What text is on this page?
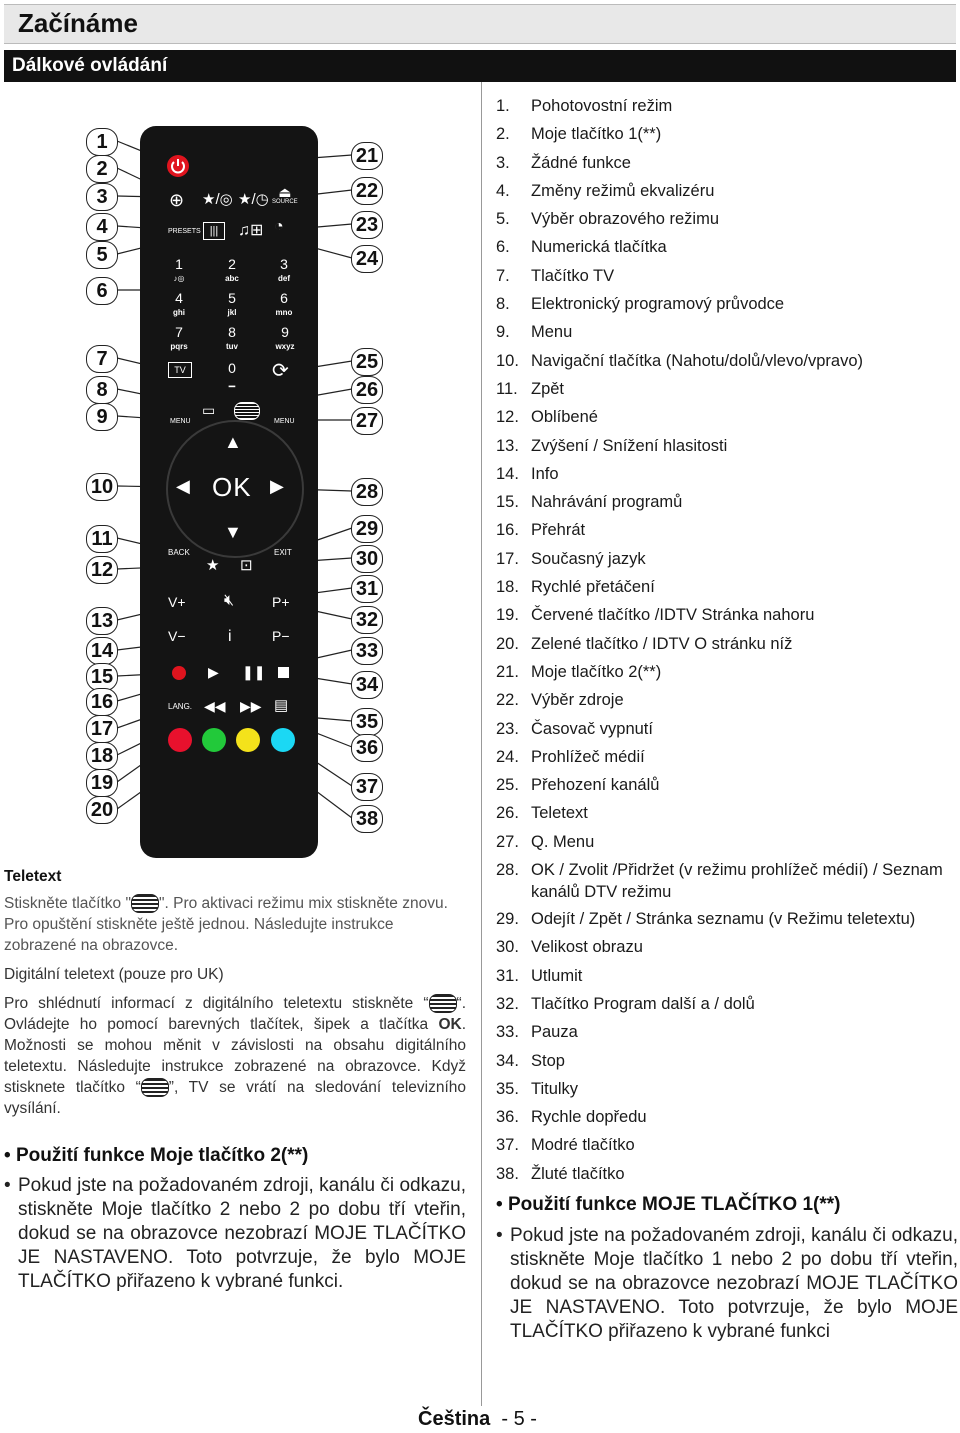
Začínáme
Dálkové ovládání
⊕ ★/◎ ★/◷ ⏏
SOURCE
PRESETS |||	♫⊞ ◔
1
♪◎
2
abc
3
def
4
ghi
5
jkl
6
mno
7
pqrs
8
tuv
9
wxyz
TV	0
▁
⟳
MENU
▭
MENU
▲
▼
◀	▶
OK
BACK	EXIT
★ ⊡
V+ 🔇︎	P+
V−	i	P−
▶ ❚❚
LANG. ◀◀ ▶▶ ▤
1
2
3
4
5
6
7
8
9
10
11
12
13
14
15
16
17
18
19
20
21
22
23
24
25
26
27
28
29
30
31
32
33
34
35
36
37
38
1.	Pohotovostní režim
2.	Moje tlačítko 1(**)
3.	Žádné funkce
4.	Změny režimů ekvalizéru
5.	Výběr obrazového režimu
6.	Numerická tlačítka
7.	Tlačítko TV
8.	Elektronický programový průvodce
9.	Menu
10. Navigační tlačítka (Nahotu/dolů/vlevo/vpravo)
11. Zpět
12. Oblíbené
13. Zvýšení / Snížení hlasitosti
14. Info
15. Nahrávání programů
16. Přehrát
17. Současný jazyk
18. Rychlé přetáčení
19. Červené tlačítko /IDTV Stránka nahoru
20. Zelené tlačítko / IDTV O stránku níž
21. Moje tlačítko 2(**)
22. Výběr zdroje
23. Časovač vypnutí
24. Prohlížeč médií
25. Přehození kanálů
26. Teletext
27. Q. Menu
28. OK / Zvolit /Přidržet (v režimu prohlížeč médií) / Seznam kanálů DTV režimu
29. Odejít / Zpět / Stránka seznamu (v Režimu teletextu)
30. Velikost obrazu
31. Utlumit
32. Tlačítko Program další a / dolů
33. Pauza
34. Stop
35. Titulky
36. Rychle dopředu
37. Modré tlačítko
38. Žluté tlačítko

Teletext

Stiskněte tlačítko " ". Pro aktivaci režimu mix stiskněte znovu. Pro opuštění stiskněte ještě jednou. Následujte instrukce zobrazené na obrazovce.

Digitální teletext (pouze pro UK)

Pro shlédnutí informací z digitálního teletextu stiskněte “ “. Ovládejte ho pomocí barevných tlačítek, šipek a tlačítka OK. Možnosti se mohou měnit v závislosti na obsahu digitálního teletextu. Následujte instrukce zobrazené na obrazovce. Když stisknete tlačítko “ ”, TV se vrátí na sledování televizního vysílání.

• Použití funkce Moje tlačítko 2(**)
• Pokud jste na požadovaném zdroji, kanálu či odkazu, stiskněte Moje tlačítko 2 nebo 2 po dobu tří vteřin, dokud se na obrazovce nezobrazí MOJE TLAČÍTKO JE NASTAVENO. Toto potvrzuje, že bylo MOJE TLAČÍTKO přiřazeno k vybrané funkci.
• Použití funkce MOJE TLAČÍTKO 1(**)
• Pokud jste na požadovaném zdroji, kanálu či odkazu, stiskněte Moje tlačítko 1 nebo 2 po dobu tří vteřin, dokud se na obrazovce nezobrazí MOJE TLAČÍTKO JE NASTAVENO. Toto potvrzuje, že bylo MOJE TLAČÍTKO přiřazeno k vybrané funkci
Čeština - 5 -
